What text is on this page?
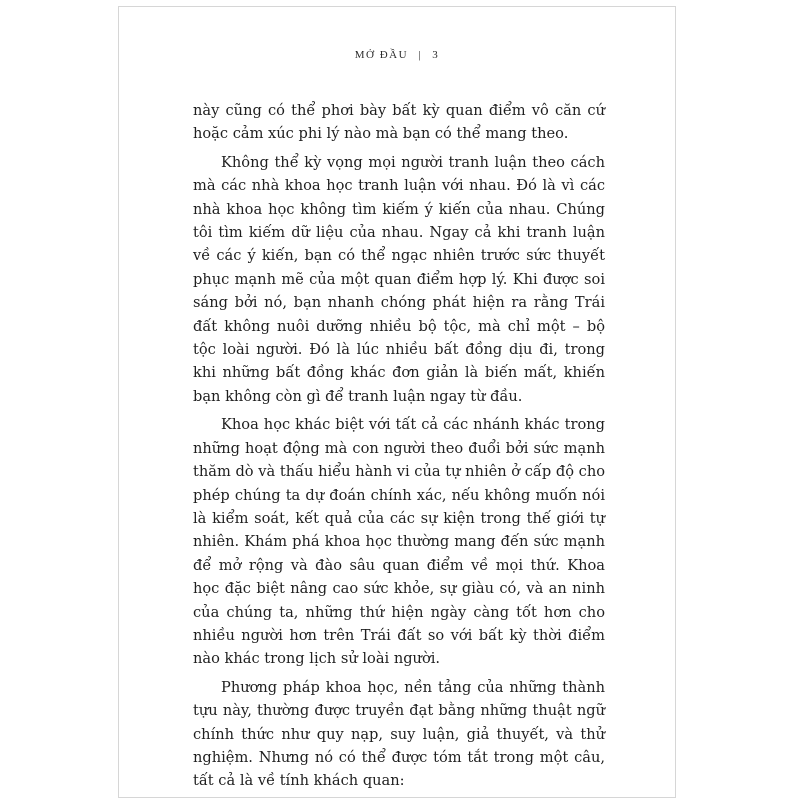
MỞ ĐẦU | 3

này cũng có thể phơi bày bất kỳ quan điểm vô căn cứ hoặc cảm xúc phi lý nào mà bạn có thể mang theo.

Không thể kỳ vọng mọi người tranh luận theo cách mà các nhà khoa học tranh luận với nhau. Đó là vì các nhà khoa học không tìm kiếm ý kiến của nhau. Chúng tôi tìm kiếm dữ liệu của nhau. Ngay cả khi tranh luận về các ý kiến, bạn có thể ngạc nhiên trước sức thuyết phục mạnh mẽ của một quan điểm hợp lý. Khi được soi sáng bởi nó, bạn nhanh chóng phát hiện ra rằng Trái đất không nuôi dưỡng nhiều bộ tộc, mà chỉ một – bộ tộc loài người. Đó là lúc nhiều bất đồng dịu đi, trong khi những bất đồng khác đơn giản là biến mất, khiến bạn không còn gì để tranh luận ngay từ đầu.

Khoa học khác biệt với tất cả các nhánh khác trong những hoạt động mà con người theo đuổi bởi sức mạnh thăm dò và thấu hiểu hành vi của tự nhiên ở cấp độ cho phép chúng ta dự đoán chính xác, nếu không muốn nói là kiểm soát, kết quả của các sự kiện trong thế giới tự nhiên. Khám phá khoa học thường mang đến sức mạnh để mở rộng và đào sâu quan điểm về mọi thứ. Khoa học đặc biệt nâng cao sức khỏe, sự giàu có, và an ninh của chúng ta, những thứ hiện ngày càng tốt hơn cho nhiều người hơn trên Trái đất so với bất kỳ thời điểm nào khác trong lịch sử loài người.

Phương pháp khoa học, nền tảng của những thành tựu này, thường được truyền đạt bằng những thuật ngữ chính thức như quy nạp, suy luận, giả thuyết, và thử nghiệm. Nhưng nó có thể được tóm tắt trong một câu, tất cả là về tính khách quan:
